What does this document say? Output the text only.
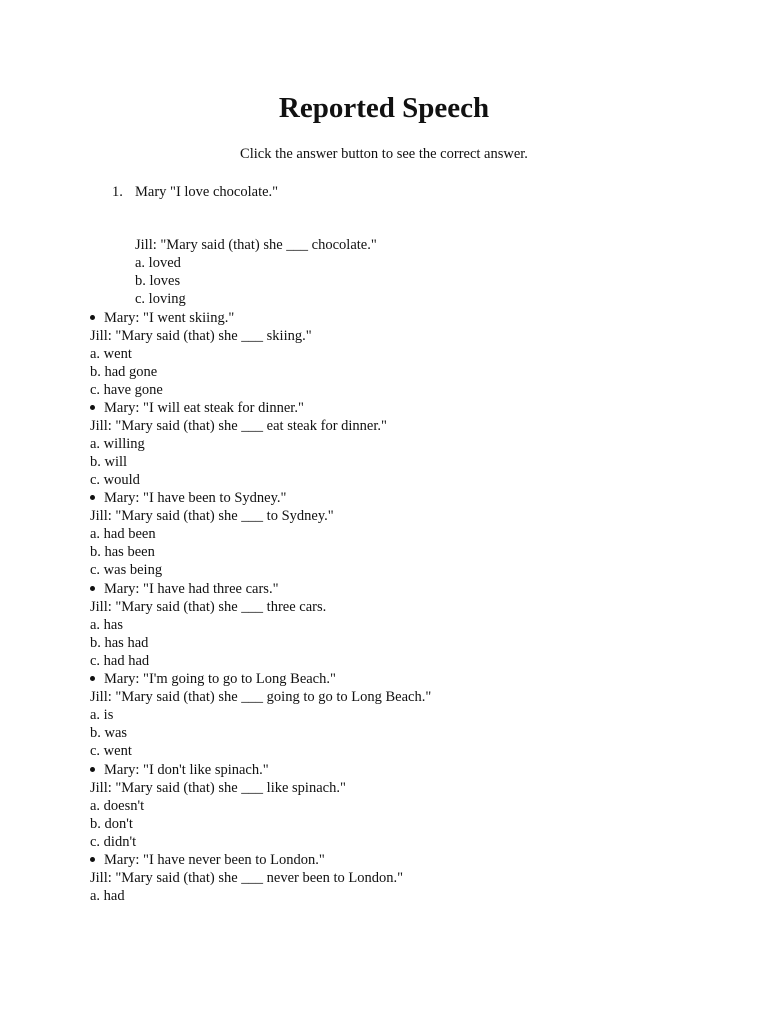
Reported Speech
Click the answer button to see the correct answer.
1. Mary "I love chocolate."
Jill: "Mary said (that) she ___ chocolate."
a. loved
b. loves
c. loving
Mary: "I went skiing."
Jill: "Mary said (that) she ___ skiing."
a. went
b. had gone
c. have gone
Mary: "I will eat steak for dinner."
Jill: "Mary said (that) she ___ eat steak for dinner."
a. willing
b. will
c. would
Mary: "I have been to Sydney."
Jill: "Mary said (that) she ___ to Sydney."
a. had been
b. has been
c. was being
Mary: "I have had three cars."
Jill: "Mary said (that) she ___ three cars.
a. has
b. has had
c. had had
Mary: "I'm going to go to Long Beach."
Jill: "Mary said (that) she ___ going to go to Long Beach."
a. is
b. was
c. went
Mary: "I don't like spinach."
Jill: "Mary said (that) she ___ like spinach."
a. doesn't
b. don't
c. didn't
Mary: "I have never been to London."
Jill: "Mary said (that) she ___ never been to London."
a. had
